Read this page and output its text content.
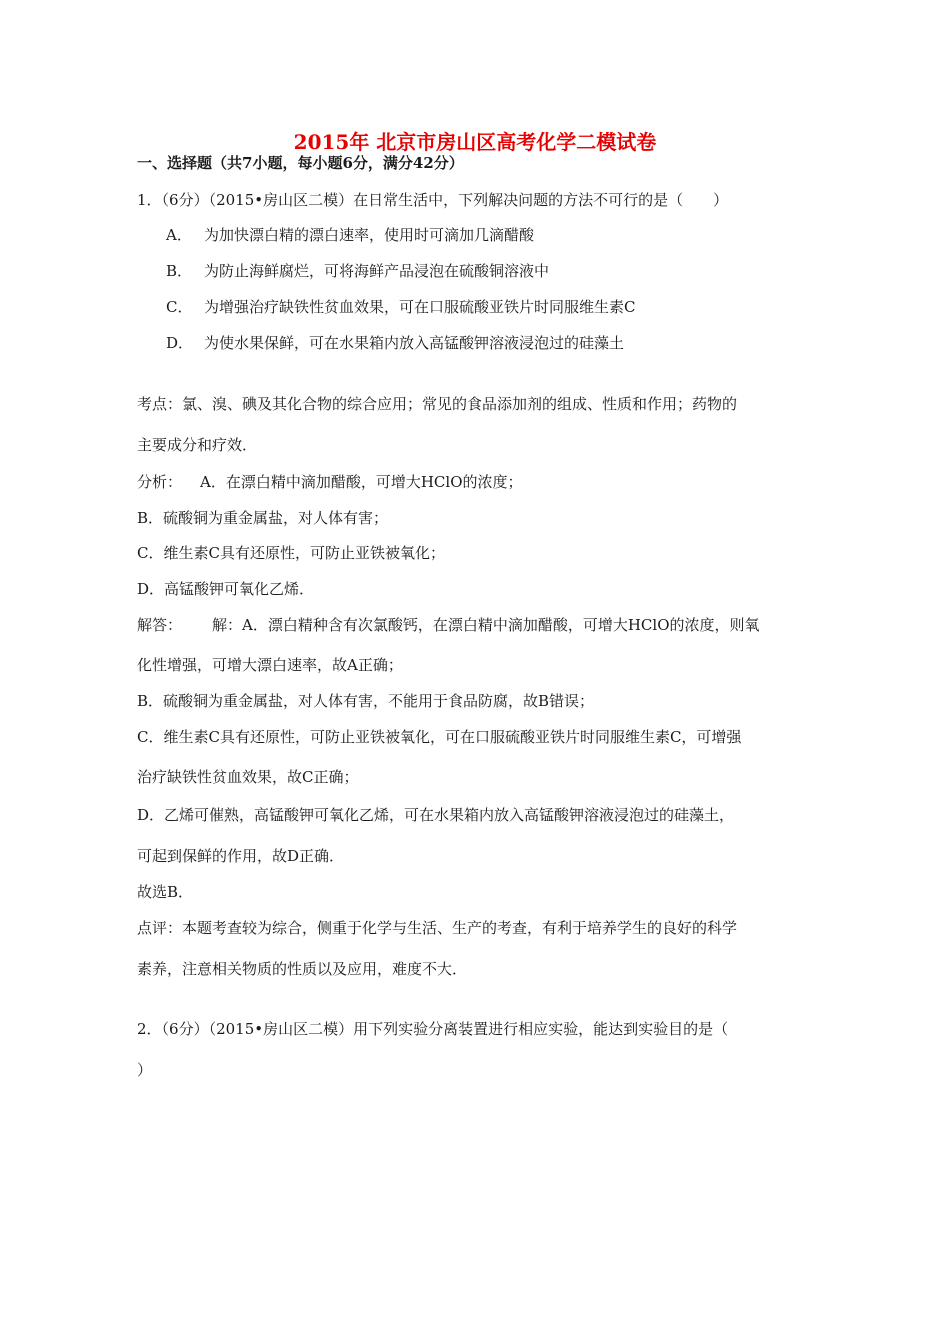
2015年 北京市房山区高考化学二模试卷
一、选择题（共7小题，每小题6分，满分42分）
1．（6分）（2015•房山区二模）在日常生活中，下列解决问题的方法不可行的是（　　）
A． 为加快漂白精的漂白速率，使用时可滴加几滴醋酸
B． 为防止海鲜腐烂，可将海鲜产品浸泡在硫酸铜溶液中
C． 为增强治疗缺铁性贫血效果，可在口服硫酸亚铁片时同服维生素C
D． 为使水果保鲜，可在水果箱内放入高锰酸钾溶液浸泡过的硅藻土
考点：氯、溴、碘及其化合物的综合应用；常见的食品添加剂的组成、性质和作用；药物的
主要成分和疗效．
分析： A．在漂白精中滴加醋酸，可增大HClO的浓度；
B．硫酸铜为重金属盐，对人体有害；
C．维生素C具有还原性，可防止亚铁被氧化；
D．高锰酸钾可氧化乙烯．
解答： 解：A．漂白精种含有次氯酸钙，在漂白精中滴加醋酸，可增大HClO的浓度，则氧
化性增强，可增大漂白速率，故A正确；
B．硫酸铜为重金属盐，对人体有害，不能用于食品防腐，故B错误；
C．维生素C具有还原性，可防止亚铁被氧化，可在口服硫酸亚铁片时同服维生素C，可增强
治疗缺铁性贫血效果，故C正确；
D．乙烯可催熟，高锰酸钾可氧化乙烯，可在水果箱内放入高锰酸钾溶液浸泡过的硅藻土，
可起到保鲜的作用，故D正确．
故选B．
点评：本题考查较为综合，侧重于化学与生活、生产的考查，有利于培养学生的良好的科学
素养，注意相关物质的性质以及应用，难度不大．
2．（6分）（2015•房山区二模）用下列实验分离装置进行相应实验，能达到实验目的是（
）
